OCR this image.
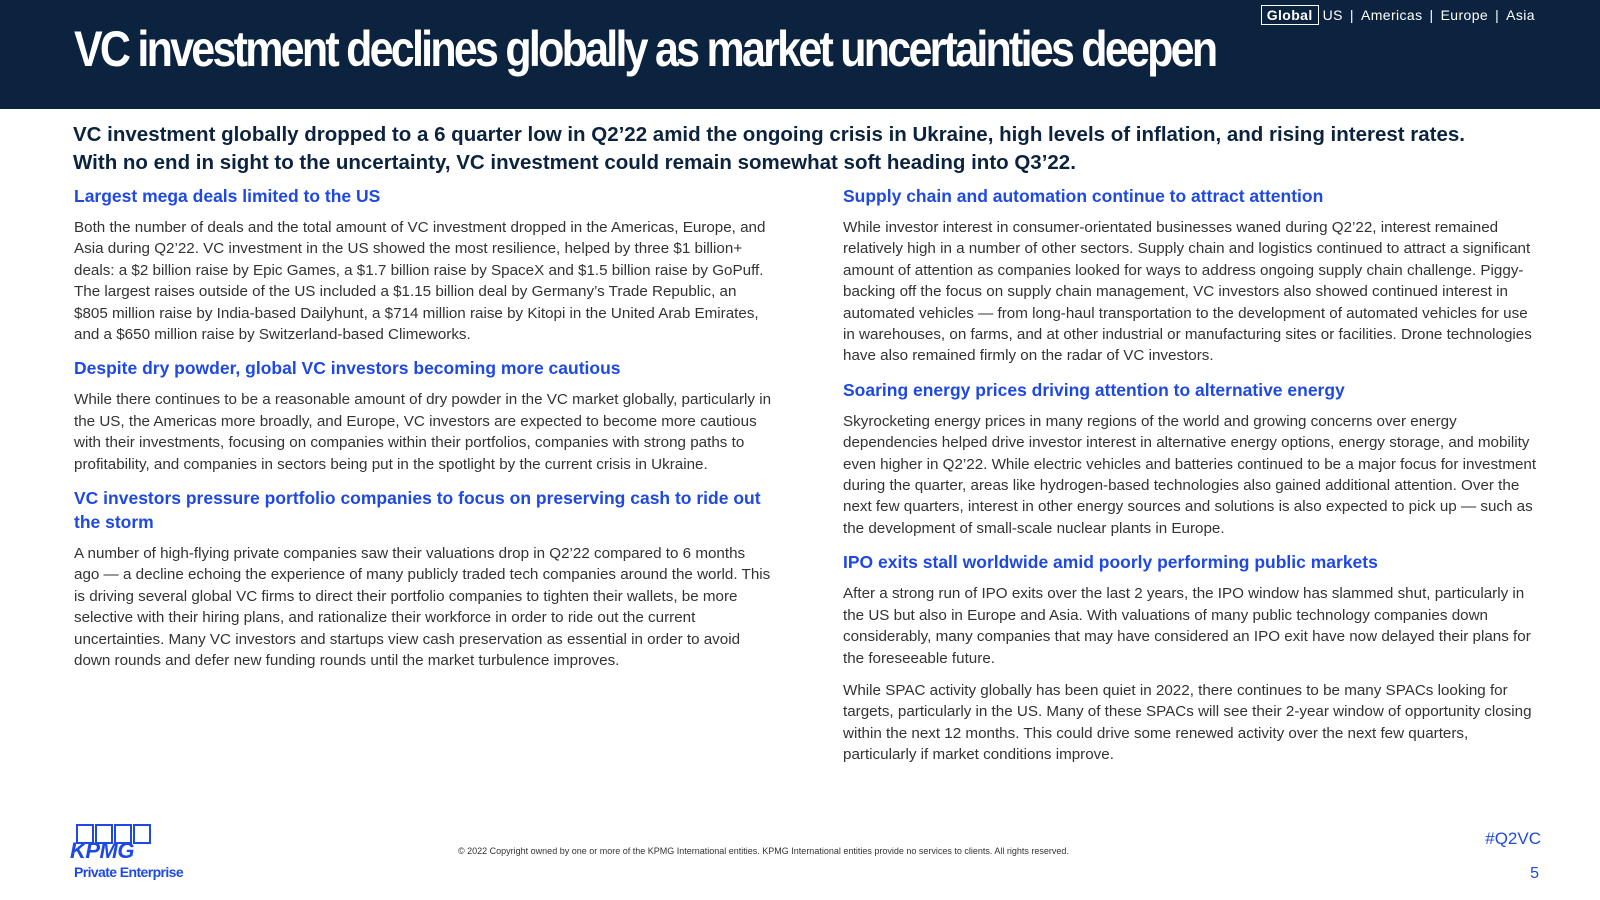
VC investment declines globally as market uncertainties deepen
Global US | Americas | Europe | Asia
VC investment globally dropped to a 6 quarter low in Q2’22 amid the ongoing crisis in Ukraine, high levels of inflation, and rising interest rates. With no end in sight to the uncertainty, VC investment could remain somewhat soft heading into Q3’22.
Largest mega deals limited to the US

Both the number of deals and the total amount of VC investment dropped in the Americas, Europe, and Asia during Q2’22. VC investment in the US showed the most resilience, helped by three $1 billion+ deals: a $2 billion raise by Epic Games, a $1.7 billion raise by SpaceX and $1.5 billion raise by GoPuff. The largest raises outside of the US included a $1.15 billion deal by Germany’s Trade Republic, an $805 million raise by India-based Dailyhunt, a $714 million raise by Kitopi in the United Arab Emirates, and a $650 million raise by Switzerland-based Climeworks.

Despite dry powder, global VC investors becoming more cautious

While there continues to be a reasonable amount of dry powder in the VC market globally, particularly in the US, the Americas more broadly, and Europe, VC investors are expected to become more cautious with their investments, focusing on companies within their portfolios, companies with strong paths to profitability, and companies in sectors being put in the spotlight by the current crisis in Ukraine.

VC investors pressure portfolio companies to focus on preserving cash to ride out the storm

A number of high-flying private companies saw their valuations drop in Q2’22 compared to 6 months ago — a decline echoing the experience of many publicly traded tech companies around the world. This is driving several global VC firms to direct their portfolio companies to tighten their wallets, be more selective with their hiring plans, and rationalize their workforce in order to ride out the current uncertainties. Many VC investors and startups view cash preservation as essential in order to avoid down rounds and defer new funding rounds until the market turbulence improves.

Supply chain and automation continue to attract attention

While investor interest in consumer-orientated businesses waned during Q2’22, interest remained relatively high in a number of other sectors. Supply chain and logistics continued to attract a significant amount of attention as companies looked for ways to address ongoing supply chain challenge. Piggy-backing off the focus on supply chain management, VC investors also showed continued interest in automated vehicles — from long-haul transportation to the development of automated vehicles for use in warehouses, on farms, and at other industrial or manufacturing sites or facilities. Drone technologies have also remained firmly on the radar of VC investors.

Soaring energy prices driving attention to alternative energy

Skyrocketing energy prices in many regions of the world and growing concerns over energy dependencies helped drive investor interest in alternative energy options, energy storage, and mobility even higher in Q2’22. While electric vehicles and batteries continued to be a major focus for investment during the quarter, areas like hydrogen-based technologies also gained additional attention. Over the next few quarters, interest in other energy sources and solutions is also expected to pick up — such as the development of small-scale nuclear plants in Europe.

IPO exits stall worldwide amid poorly performing public markets

After a strong run of IPO exits over the last 2 years, the IPO window has slammed shut, particularly in the US but also in Europe and Asia. With valuations of many public technology companies down considerably, many companies that may have considered an IPO exit have now delayed their plans for the foreseeable future.

While SPAC activity globally has been quiet in 2022, there continues to be many SPACs looking for targets, particularly in the US. Many of these SPACs will see their 2-year window of opportunity closing within the next 12 months. This could drive some renewed activity over the next few quarters, particularly if market conditions improve.

KPMG
Private Enterprise
© 2022 Copyright owned by one or more of the KPMG International entities. KPMG International entities provide no services to clients. All rights reserved.
#Q2VC
5
